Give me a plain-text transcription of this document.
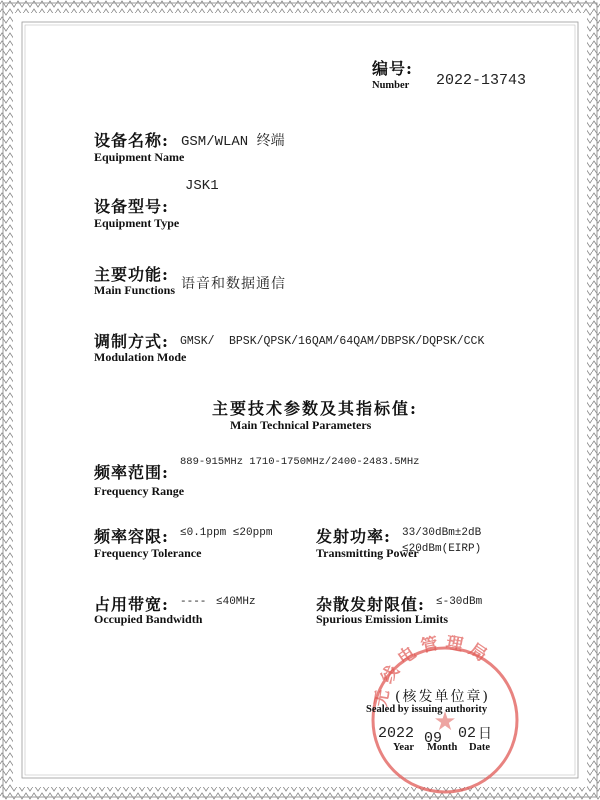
编号:
Number 2022-13743
设备名称:
Equipment Name
GSM/WLAN 终端
JSK1
设备型号:
Equipment Type
主要功能:
Main Functions 语音和数据通信
调制方式:
Modulation Mode
GMSK/ BPSK/QPSK/16QAM/64QAM/DBPSK/DQPSK/CCK
主要技术参数及其指标值:
Main Technical Parameters
889-915MHz 1710-1750MHz/2400-2483.5MHz
频率范围:
Frequency Range
频率容限:
Frequency Tolerance
≤0.1ppm ≤20ppm	发射功率:
Transmitting Power
33/30dBm±2dB
≤20dBm(EIRP)
占用带宽:
Occupied Bandwidth
---- ≤40MHz	杂散发射限值:
Spurious Emission Limits
≤-30dBm
无线电管理局
★
(核发单位章)
Sealed by issuing authority
2022 09 02 日
Year Month Date
